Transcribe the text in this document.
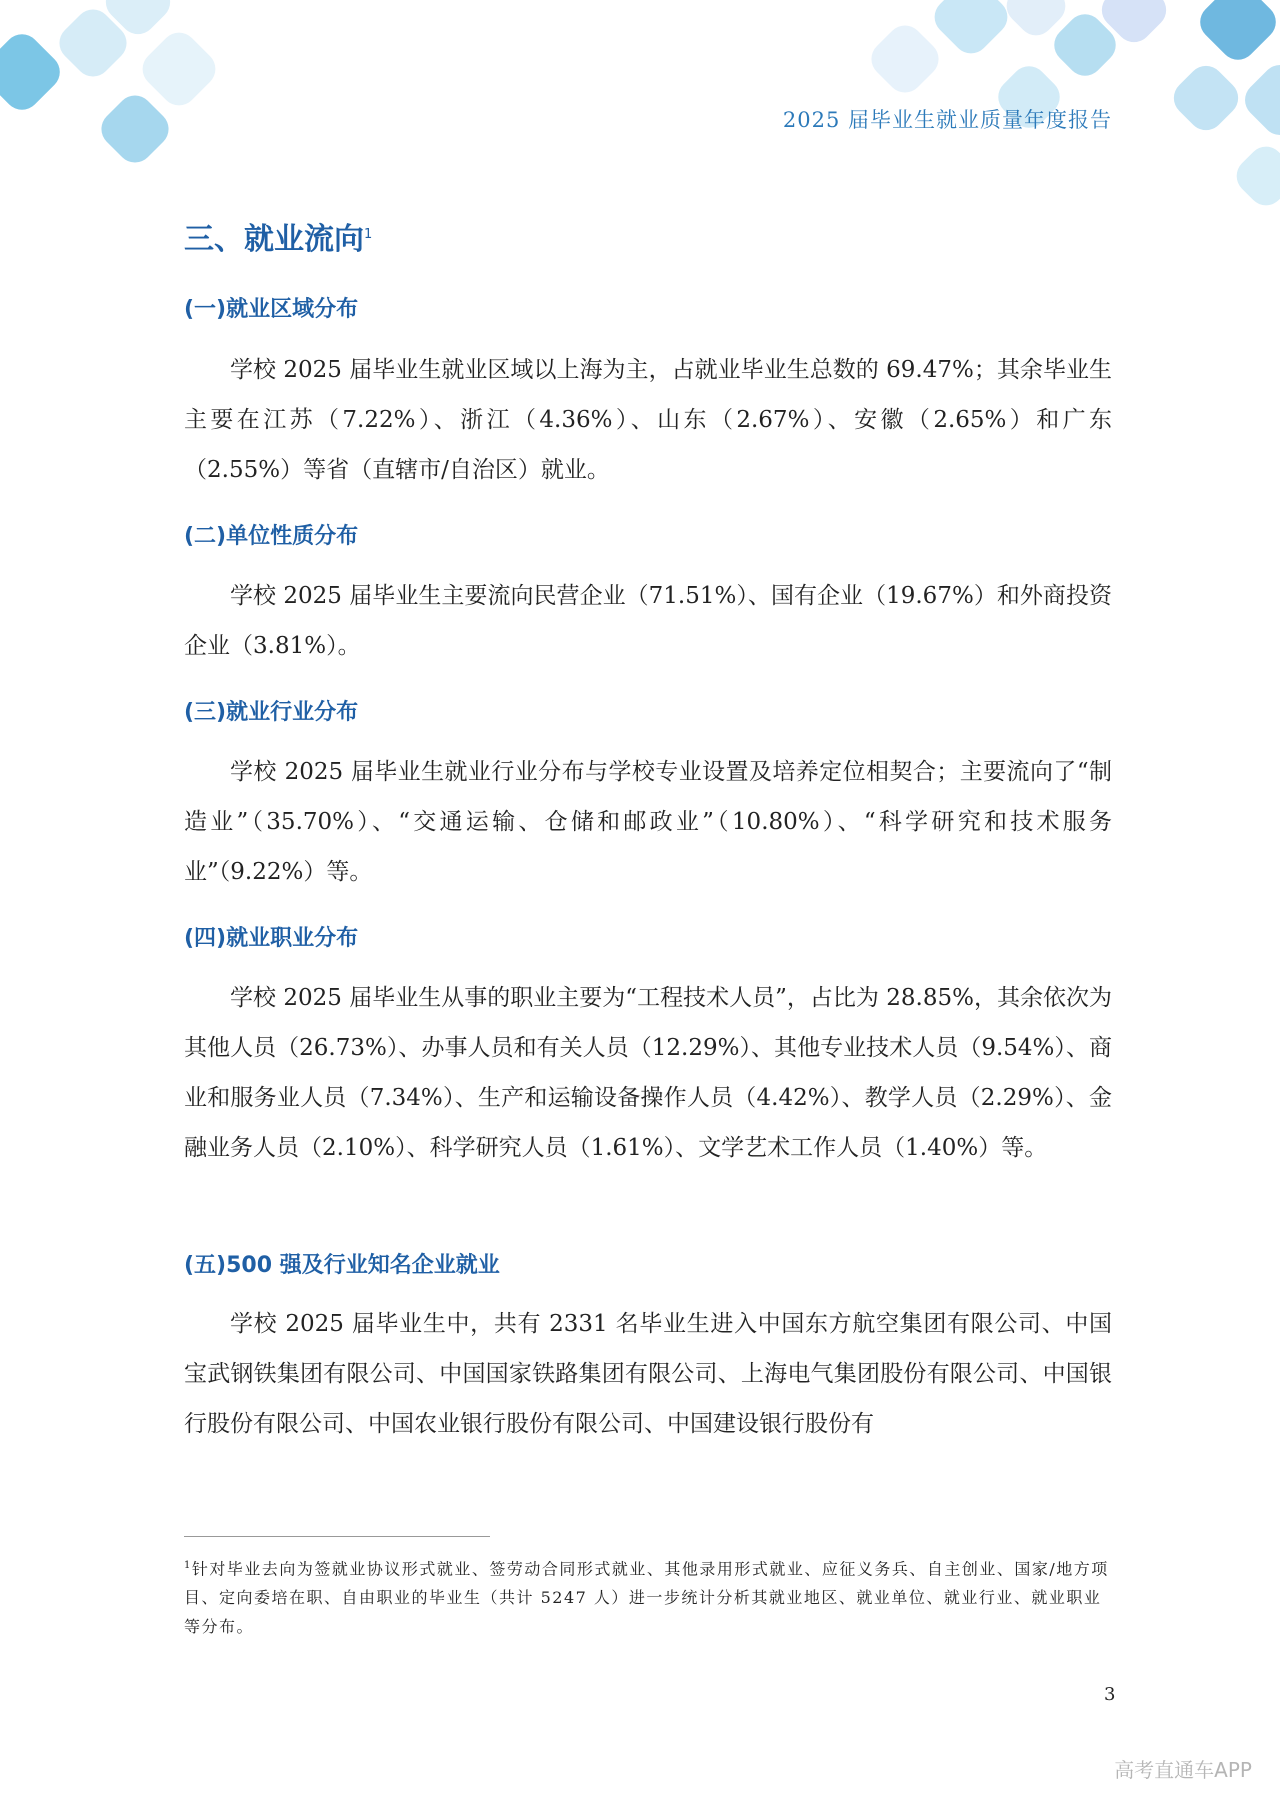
2025 届毕业生就业质量年度报告
三、就业流向$^1$
(一)就业区域分布
学校 2025 届毕业生就业区域以上海为主，占就业毕业生总数的 69.47%；其余毕业生主要在江苏（7.22%）、浙江（4.36%）、山东（2.67%）、安徽（2.65%）和广东（2.55%）等省（直辖市/自治区）就业。
(二)单位性质分布
学校 2025 届毕业生主要流向民营企业（71.51%）、国有企业（19.67%）和外商投资企业（3.81%）。
(三)就业行业分布
学校 2025 届毕业生就业行业分布与学校专业设置及培养定位相契合；主要流向了“制造业”（35.70%）、“交通运输、仓储和邮政业”（10.80%）、“科学研究和技术服务业”（9.22%）等。
(四)就业职业分布
学校 2025 届毕业生从事的职业主要为“工程技术人员”，占比为 28.85%，其余依次为其他人员（26.73%）、办事人员和有关人员（12.29%）、其他专业技术人员（9.54%）、商业和服务业人员（7.34%）、生产和运输设备操作人员（4.42%）、教学人员（2.29%）、金融业务人员（2.10%）、科学研究人员（1.61%）、文学艺术工作人员（1.40%）等。
(五)500 强及行业知名企业就业
学校 2025 届毕业生中，共有 2331 名毕业生进入中国东方航空集团有限公司、中国宝武钢铁集团有限公司、中国国家铁路集团有限公司、上海电气集团股份有限公司、中国银行股份有限公司、中国农业银行股份有限公司、中国建设银行股份有
$^1$针对毕业去向为签就业协议形式就业、签劳动合同形式就业、其他录用形式就业、应征义务兵、自主创业、国家/地方项目、定向委培在职、自由职业的毕业生（共计 5247 人）进一步统计分析其就业地区、就业单位、就业行业、就业职业等分布。
3
高考直通车APP
